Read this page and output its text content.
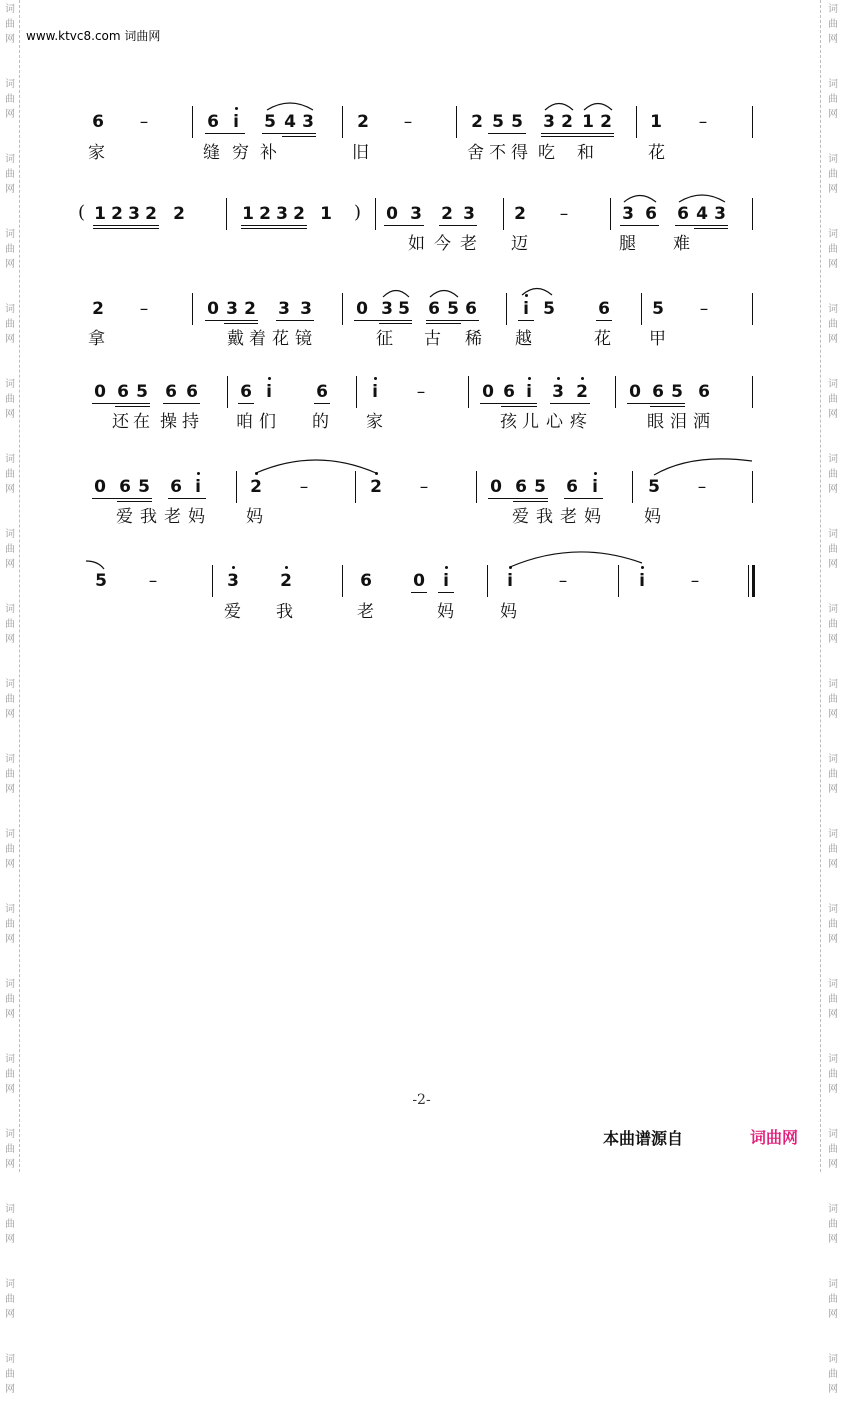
词
曲
网

词
曲
网

词
曲
网

词
曲
网

词
曲
网

词
曲
网

词
曲
网

词
曲
网

词
曲
网

词
曲
网

词
曲
网

词
曲
网

词
曲
网

词
曲
网

词
曲
网

词
曲
网

词
曲
网

词
曲
网

词
曲
网

词
曲
网

词
曲
网

词
曲
网

词
曲
网

词
曲
网

词
曲
网

词
曲
网

词
曲
网

词
曲
网

词
曲
网

词
曲
网

词
曲
网

词
曲
网

词
曲
网

词
曲
网

词
曲
网

词
曲
网

词
曲
网

词
曲
网

www.ktvc8.com 词曲网
6 –	6 i 5 4 3	2 –	2 5 5 3 2 1 2 1 –
家	缝 穷 补	旧	舍 不 得 吃 和	花
( 1 2 3 2 2	1 2 3 2 1 ) 0 3 2 3 2 –	3 6 6 4 3
如 今 老 迈	腿 难
2 –	0 3 2 3 3	0 3 5 6 5 6	i 5	6 5 –
拿	戴 着 花 镜	征 古 稀 越	花 甲
0 6 5 6 6 6 i	6	i –	0 6 i 3 2 0 6 5 6
还 在 操 持 咱 们 的 家	孩 儿 心 疼	眼 泪 洒
0 6 5 6 i	2 –	2 –	0 6 5 6 i	5 –
爱 我 老 妈 妈	爱 我 老 妈	妈
5 –	3 2	6 0 i	i	–	i	–
爱 我	老	妈	妈
-2-
本曲谱源自	词曲网
